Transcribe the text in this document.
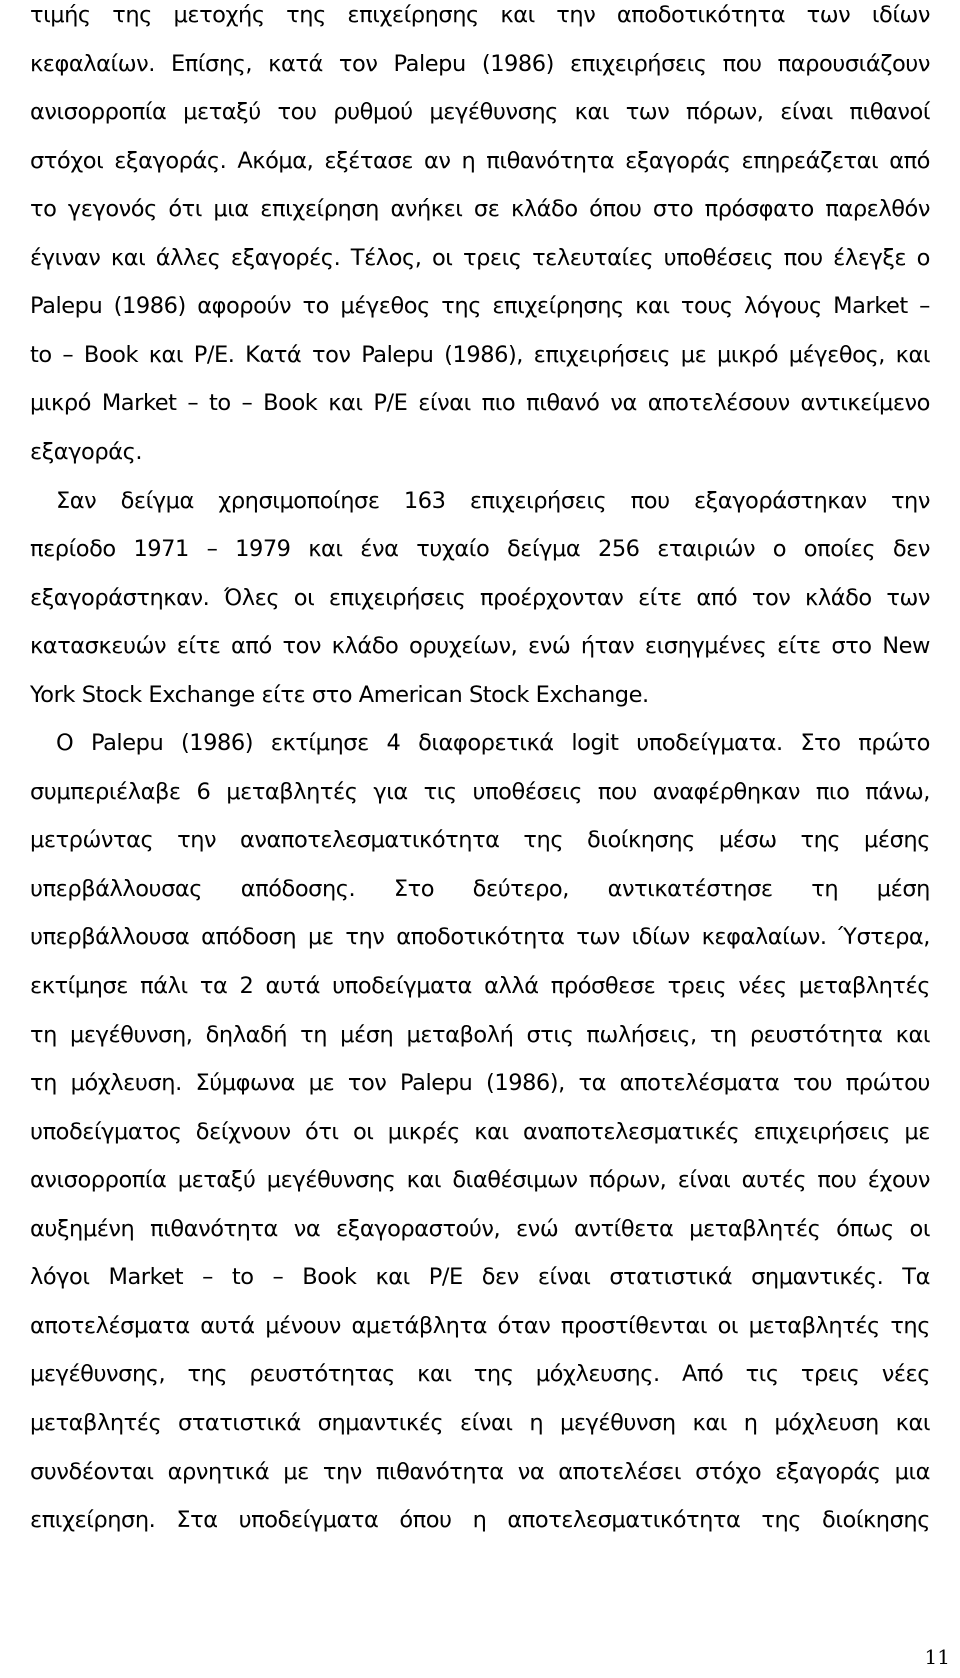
τιμής της μετοχής της επιχείρησης και την αποδοτικότητα των ιδίων
κεφαλαίων. Επίσης, κατά τον Palepu (1986) επιχειρήσεις που παρουσιάζουν
ανισορροπία μεταξύ του ρυθμού μεγέθυνσης και των πόρων, είναι πιθανοί
στόχοι εξαγοράς. Ακόμα, εξέτασε αν η πιθανότητα εξαγοράς επηρεάζεται από
το γεγονός ότι μια επιχείρηση ανήκει σε κλάδο όπου στο πρόσφατο παρελθόν
έγιναν και άλλες εξαγορές. Τέλος, οι τρεις τελευταίες υποθέσεις που έλεγξε ο
Palepu (1986) αφορούν το μέγεθος της επιχείρησης και τους λόγους Market –
to – Book και P/E. Κατά τον Palepu (1986), επιχειρήσεις με μικρό μέγεθος, και
μικρό Market – to – Book και P/E είναι πιο πιθανό να αποτελέσουν αντικείμενο
εξαγοράς.
Σαν δείγμα χρησιμοποίησε 163 επιχειρήσεις που εξαγοράστηκαν την
περίοδο 1971 – 1979 και ένα τυχαίο δείγμα 256 εταιριών ο οποίες δεν
εξαγοράστηκαν. Όλες οι επιχειρήσεις προέρχονταν είτε από τον κλάδο των
κατασκευών είτε από τον κλάδο ορυχείων, ενώ ήταν εισηγμένες είτε στο New
York Stock Exchange είτε στο American Stock Exchange.
Ο Palepu (1986) εκτίμησε 4 διαφορετικά logit υποδείγματα. Στο πρώτο
συμπεριέλαβε 6 μεταβλητές για τις υποθέσεις που αναφέρθηκαν πιο πάνω,
μετρώντας την αναποτελεσματικότητα της διοίκησης μέσω της μέσης
υπερβάλλουσας απόδοσης. Στο δεύτερο, αντικατέστησε τη μέση
υπερβάλλουσα απόδοση με την αποδοτικότητα των ιδίων κεφαλαίων. Ύστερα,
εκτίμησε πάλι τα 2 αυτά υποδείγματα αλλά πρόσθεσε τρεις νέες μεταβλητές
τη μεγέθυνση, δηλαδή τη μέση μεταβολή στις πωλήσεις, τη ρευστότητα και
τη μόχλευση. Σύμφωνα με τον Palepu (1986), τα αποτελέσματα του πρώτου
υποδείγματος δείχνουν ότι οι μικρές και αναποτελεσματικές επιχειρήσεις με
ανισορροπία μεταξύ μεγέθυνσης και διαθέσιμων πόρων, είναι αυτές που έχουν
αυξημένη πιθανότητα να εξαγοραστούν, ενώ αντίθετα μεταβλητές όπως οι
λόγοι Market – to – Book και P/E δεν είναι στατιστικά σημαντικές. Τα
αποτελέσματα αυτά μένουν αμετάβλητα όταν προστίθενται οι μεταβλητές της
μεγέθυνσης, της ρευστότητας και της μόχλευσης. Από τις τρεις νέες
μεταβλητές στατιστικά σημαντικές είναι η μεγέθυνση και η μόχλευση και
συνδέονται αρνητικά με την πιθανότητα να αποτελέσει στόχο εξαγοράς μια
επιχείρηση. Στα υποδείγματα όπου η αποτελεσματικότητα της διοίκησης
11
